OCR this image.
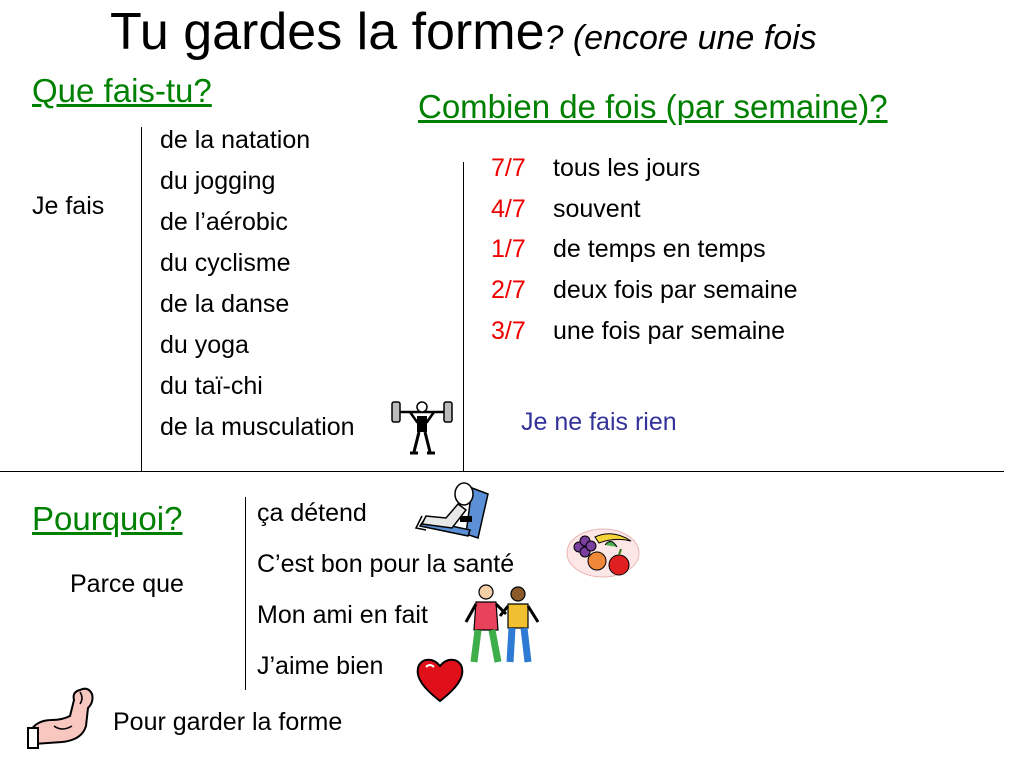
Tu gardes la forme? (encore une fois
Que fais-tu?
Je fais
de la natation
du jogging
de l’aérobic
du cyclisme
de la danse
du yoga
du taï-chi
de la musculation
Combien de fois (par semaine)?
7/7	tous les jours
4/7	souvent
1/7	de temps en temps
2/7	deux fois par semaine
3/7	une fois par semaine
Je ne fais rien
Pourquoi?
Parce que
ça détend
C’est bon pour la santé
Mon ami en fait
J’aime bien
Pour garder la forme
